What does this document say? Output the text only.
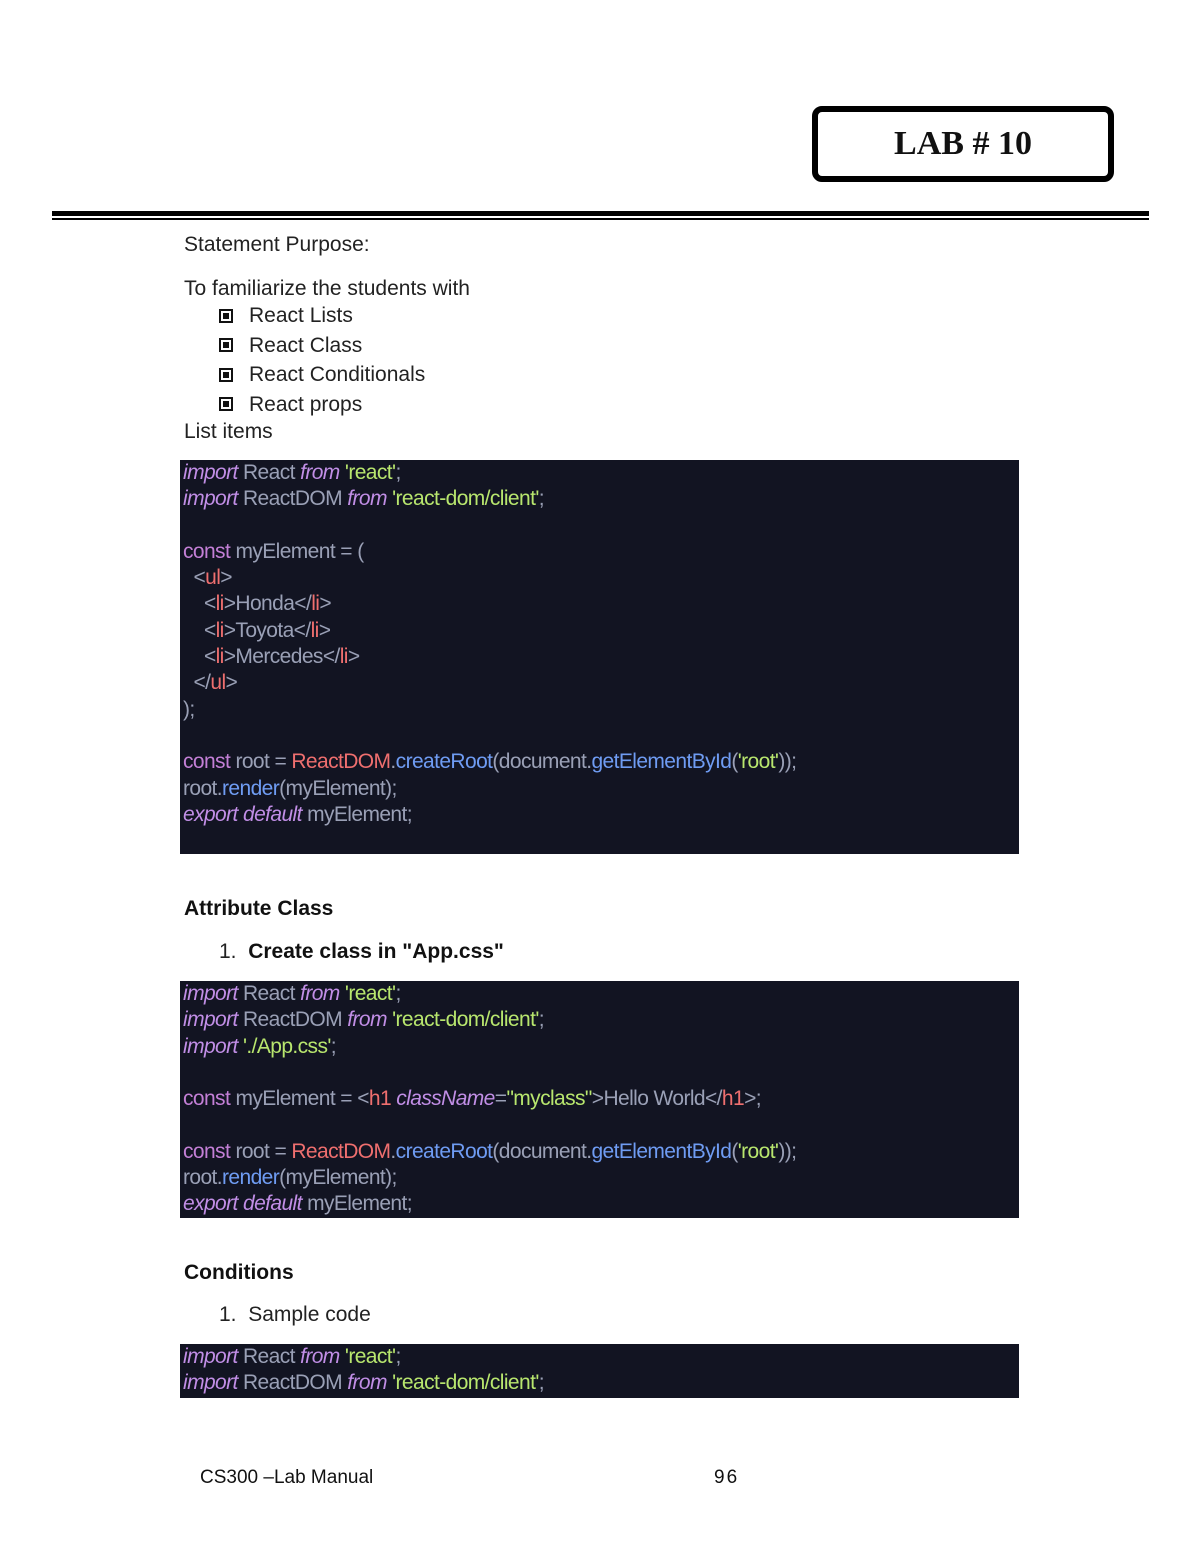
LAB # 10
Statement Purpose:
To familiarize the students with
React Lists
React Class
React Conditionals
React props
List items
import React from 'react';
import ReactDOM from 'react-dom/client';

const myElement = (
<ul>
<li>Honda</li>
<li>Toyota</li>
<li>Mercedes</li>
</ul>
);

const root = ReactDOM.createRoot(document.getElementById('root'));
root.render(myElement);
export default myElement;

Attribute Class
1. Create class in "App.css"
import React from 'react';
import ReactDOM from 'react-dom/client';
import './App.css';

const myElement = <h1 className="myclass">Hello World</h1>;

const root = ReactDOM.createRoot(document.getElementById('root'));
root.render(myElement);
export default myElement;
Conditions
1. Sample code
import React from 'react';
import ReactDOM from 'react-dom/client';
CS300 –Lab Manual	96
